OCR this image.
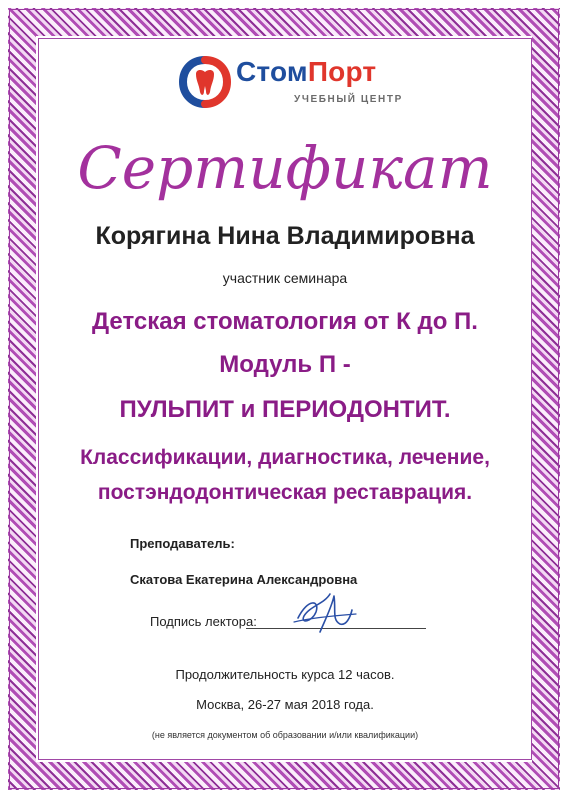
СтомПорт
УЧЕБНЫЙ ЦЕНТР
Сертификат
Корягина Нина Владимировна
участник семинара
Детская стоматология от К до П.
Модуль П -
ПУЛЬПИТ и ПЕРИОДОНТИТ.
Классификации, диагностика, лечение,
постэндодонтическая реставрация.
Преподаватель:
Скатова Екатерина Александровна
Подпись лектора:
Продолжительность курса 12 часов.
Москва, 26-27 мая 2018 года.
(не является документом об образовании и/или квалификации)
